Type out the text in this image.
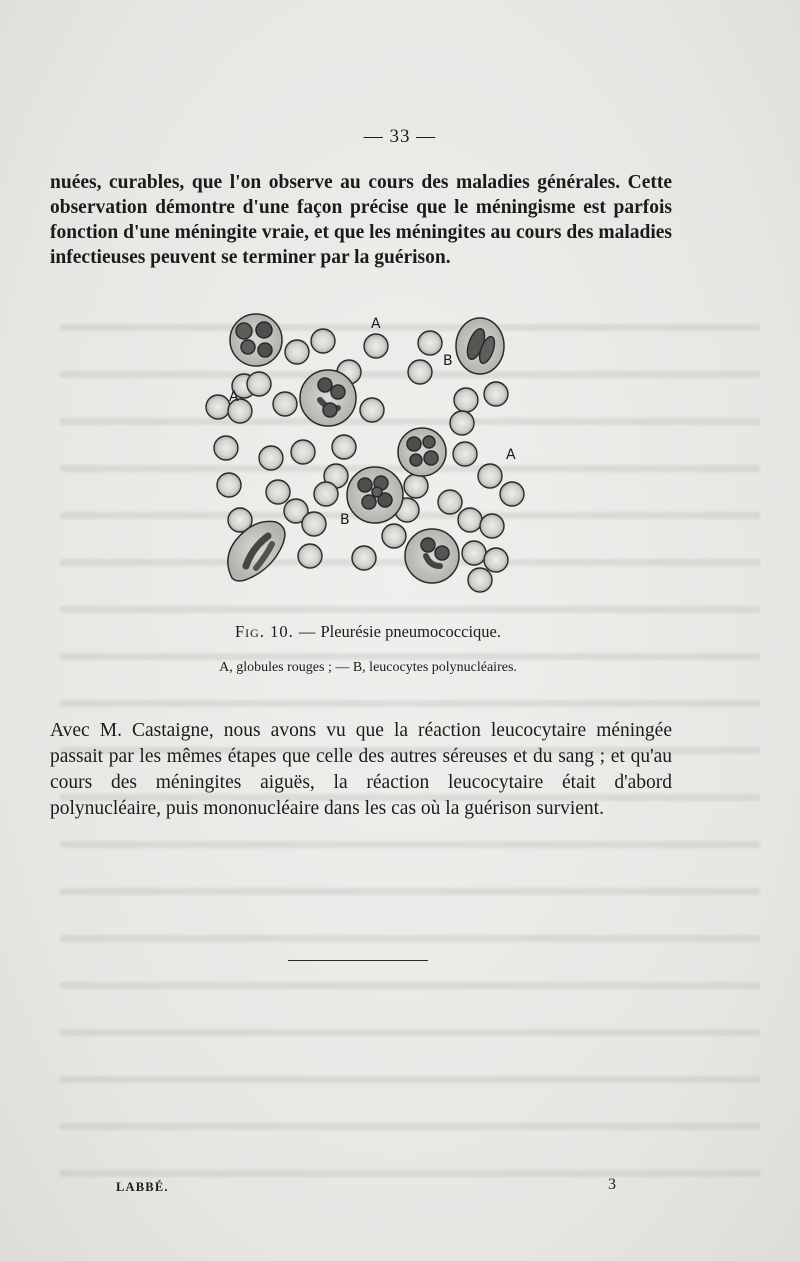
— 33 —

nuées, curables, que l'on observe au cours des maladies générales. Cette observation démontre d'une façon précise que le méningisme est parfois fonction d'une méningite vraie, et que les méningites au cours des maladies infectieuses peuvent se terminer par la guérison.

A
B
A
A
B
Fig. 10. — Pleurésie pneumococcique.
A, globules rouges ; — B, leucocytes polynucléaires.

Avec M. Castaigne, nous avons vu que la réaction leucocytaire méningée passait par les mêmes étapes que celle des autres séreuses et du sang ; et qu'au cours des méningites aiguës, la réaction leucocytaire était d'abord polynucléaire, puis mononucléaire dans les cas où la guérison survient.

LABBÉ.	3
